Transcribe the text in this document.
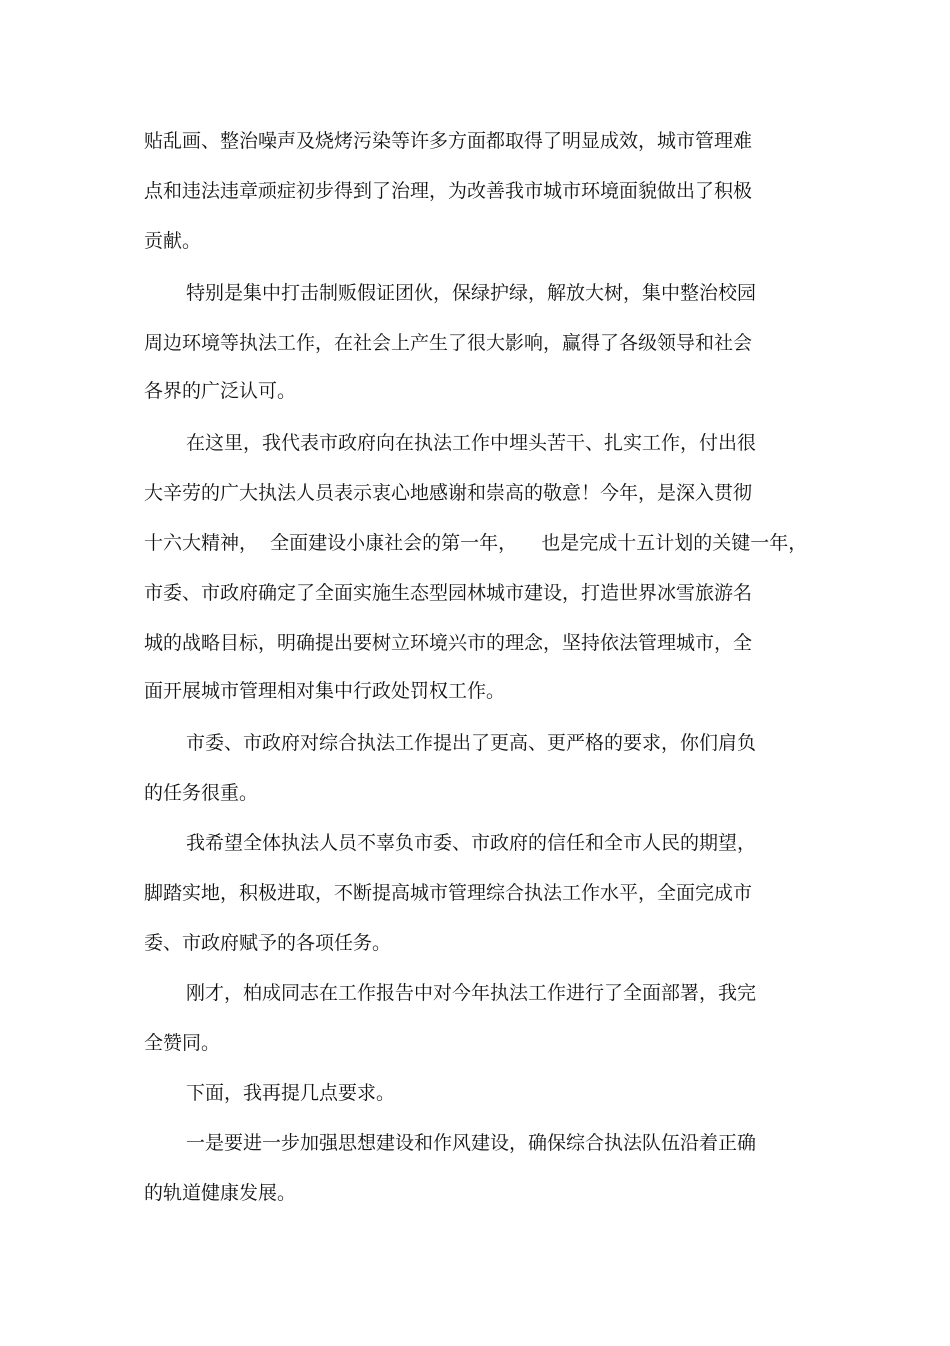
贴乱画、整治噪声及烧烤污染等许多方面都取得了明显成效，城市管理难
点和违法违章顽症初步得到了治理，为改善我市城市环境面貌做出了积极
贡献。
特别是集中打击制贩假证团伙，保绿护绿，解放大树，集中整治校园
周边环境等执法工作，在社会上产生了很大影响，赢得了各级领导和社会
各界的广泛认可。
在这里，我代表市政府向在执法工作中埋头苦干、扎实工作，付出很
大辛劳的广大执法人员表示衷心地感谢和崇高的敬意！今年，是深入贯彻
十六大精神，  全面建设小康社会的第一年，    也是完成十五计划的关键一年，
市委、市政府确定了全面实施生态型园林城市建设，打造世界冰雪旅游名
城的战略目标，明确提出要树立环境兴市的理念，坚持依法管理城市，全
面开展城市管理相对集中行政处罚权工作。
市委、市政府对综合执法工作提出了更高、更严格的要求，你们肩负
的任务很重。
我希望全体执法人员不辜负市委、市政府的信任和全市人民的期望，
脚踏实地，积极进取，不断提高城市管理综合执法工作水平，全面完成市
委、市政府赋予的各项任务。
刚才，柏成同志在工作报告中对今年执法工作进行了全面部署，我完
全赞同。
下面，我再提几点要求。
一是要进一步加强思想建设和作风建设，确保综合执法队伍沿着正确
的轨道健康发展。
